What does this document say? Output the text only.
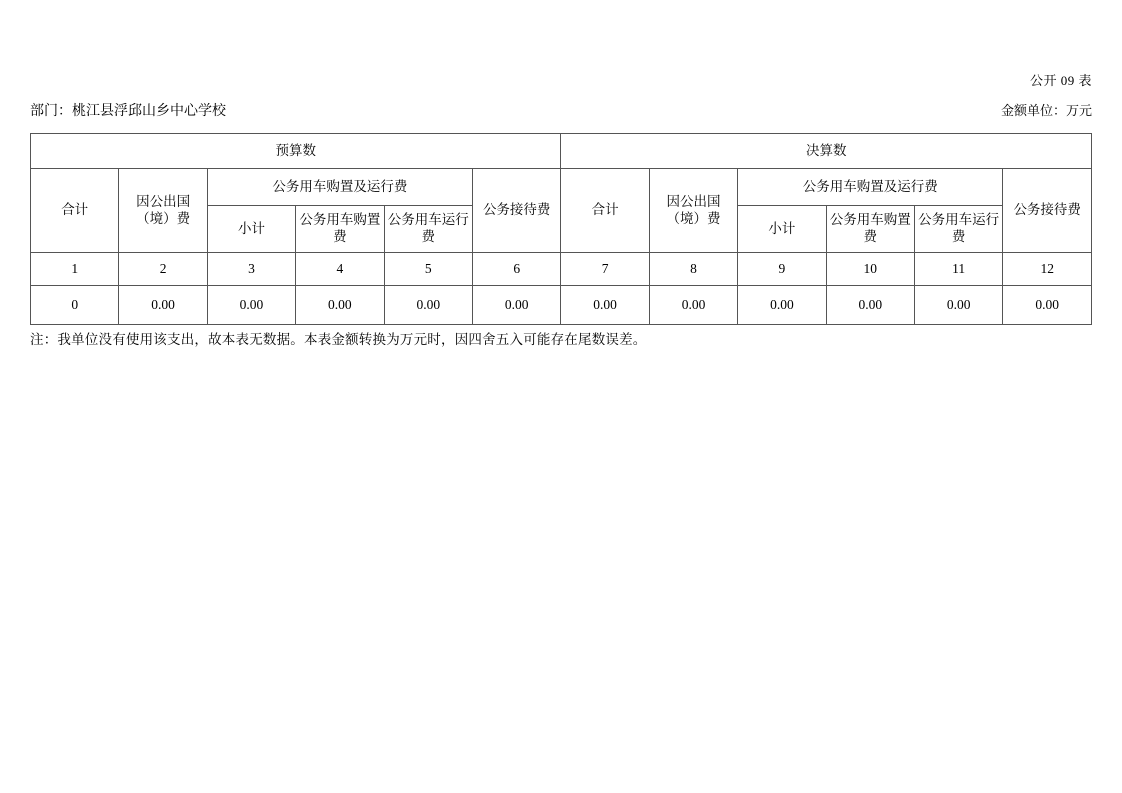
公开 09 表
部门：桃江县浮邱山乡中心学校	金额单位：万元
预算数						决算数					
合计	因公出国（境）费	公务用车购置及运行费			公务接待费	合计	因公出国（境）费	公务用车购置及运行费			公务接待费
		小计	公务用车购置费	公务用车运行费				小计	公务用车购置费	公务用车运行费	
1	2	3	4	5	6	7	8	9	10	11	12
0	0.00	0.00	0.00	0.00	0.00	0.00	0.00	0.00	0.00	0.00	0.00
注：我单位没有使用该支出，故本表无数据。本表金额转换为万元时，因四舍五入可能存在尾数误差。
